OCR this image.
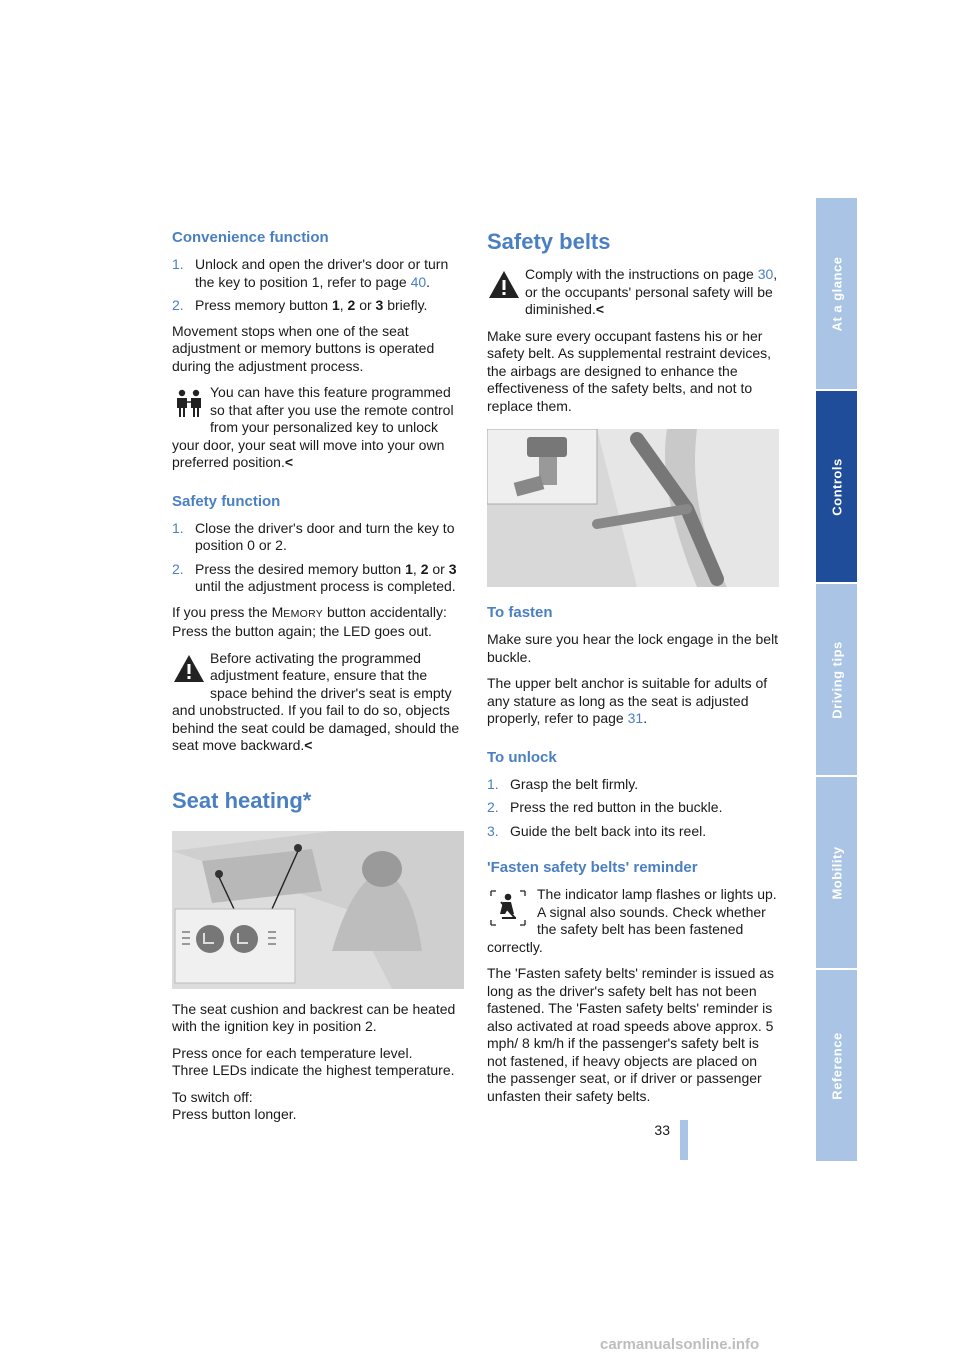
Convenience function
1. Unlock and open the driver's door or turn the key to position 1, refer to page 40.
2. Press memory button 1, 2 or 3 briefly.

Movement stops when one of the seat adjustment or memory buttons is operated during the adjustment process.

You can have this feature programmed so that after you use the remote control from your personalized key to unlock your door, your seat will move into your own preferred position.<

Safety function
1. Close the driver's door and turn the key to position 0 or 2.
2. Press the desired memory button 1, 2 or 3 until the adjustment process is completed.

If you press the MEMORY button accidentally: Press the button again; the LED goes out.

Before activating the programmed adjustment feature, ensure that the space behind the driver's seat is empty and unobstructed. If you fail to do so, objects behind the seat could be damaged, should the seat move backward.<

Seat heating*

The seat cushion and backrest can be heated with the ignition key in position 2.

Press once for each temperature level.
Three LEDs indicate the highest temperature.

To switch off:
Press button longer.

Safety belts

Comply with the instructions on page 30, or the occupants' personal safety will be diminished.<

Make sure every occupant fastens his or her safety belt. As supplemental restraint devices, the airbags are designed to enhance the effectiveness of the safety belts, and not to replace them.

To fasten

Make sure you hear the lock engage in the belt buckle.

The upper belt anchor is suitable for adults of any stature as long as the seat is adjusted properly, refer to page 31.

To unlock
1. Grasp the belt firmly.
2. Press the red button in the buckle.
3. Guide the belt back into its reel.
'Fasten safety belts' reminder

The indicator lamp flashes or lights up. A signal also sounds. Check whether the safety belt has been fastened correctly.

The 'Fasten safety belts' reminder is issued as long as the driver's safety belt has not been fastened. The 'Fasten safety belts' reminder is also activated at road speeds above approx. 5 mph/ 8 km/h if the passenger's safety belt is not fastened, if heavy objects are placed on the passenger seat, or if driver or passenger unfasten their safety belts.

At a glance
Controls
Driving tips
Mobility
Reference
33
carmanualsonline.info
